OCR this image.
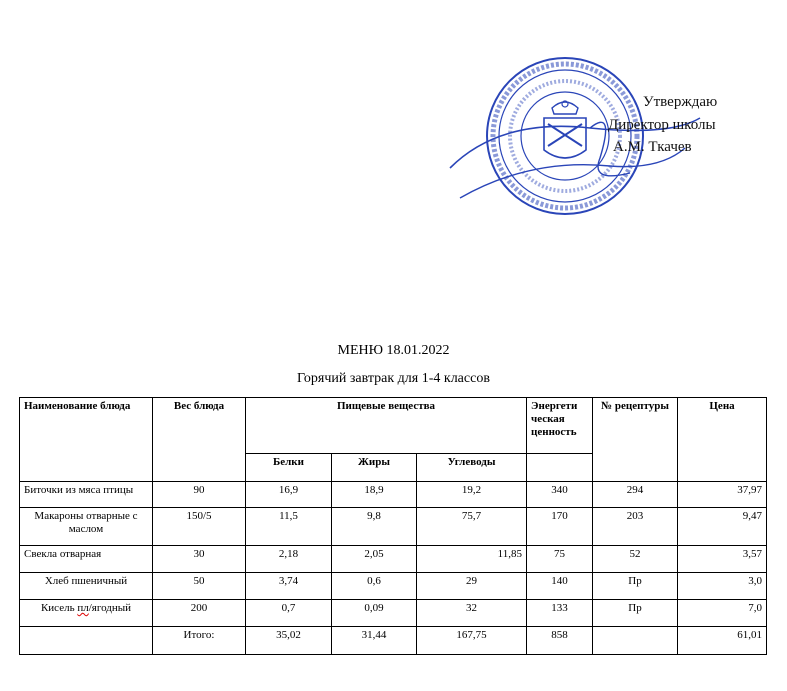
Утверждаю
Директор школы
А.М. Ткачев
МЕНЮ 18.01.2022
Горячий завтрак для 1-4 классов
Наименование блюда	Вес блюда	Пищевые вещества			Энергети
ческая
ценность	№ рецептуры	Цена
		Белки	Жиры	Углеводы			
Биточки из мяса птицы	90	16,9	18,9	19,2	340	294	37,97
Макароны отварные с маслом	150/5	11,5	9,8	75,7	170	203	9,47
Свекла отварная	30	2,18	2,05	11,85	75	52	3,57
Хлеб пшеничный	50	3,74	0,6	29	140	Пр	3,0
Кисель пл/ягодный	200	0,7	0,09	32	133	Пр	7,0
	Итого:	35,02	31,44	167,75	858		61,01
